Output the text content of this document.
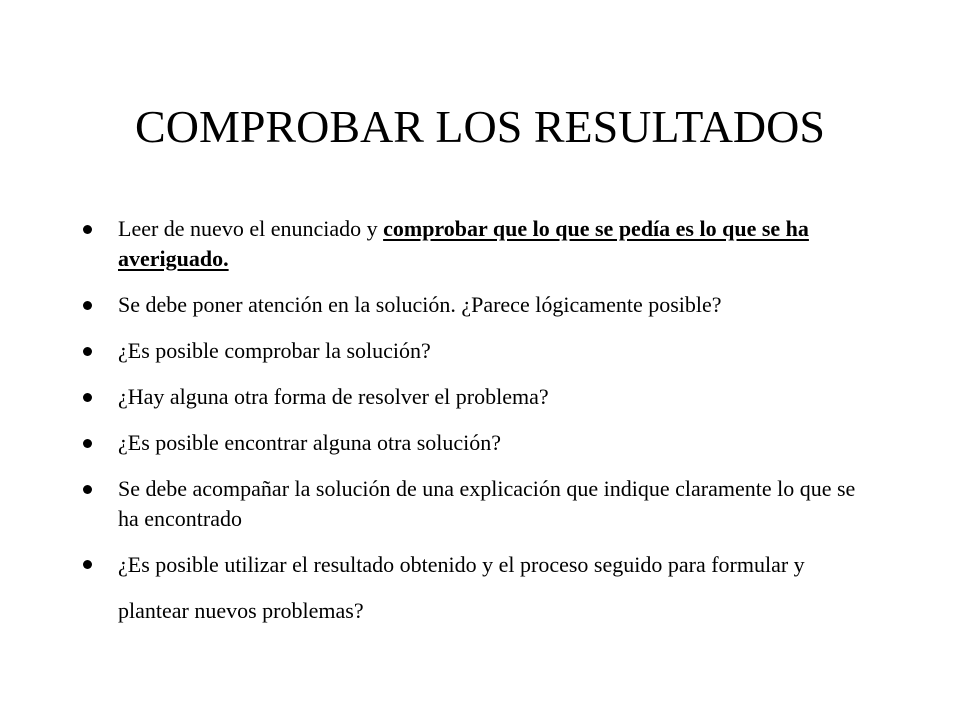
COMPROBAR LOS RESULTADOS
Leer de nuevo el enunciado y comprobar que lo que se pedía es lo que se ha averiguado.
Se debe poner atención en la solución. ¿Parece lógicamente posible?
¿Es posible comprobar la solución?
¿Hay alguna otra forma de resolver el problema?
¿Es posible encontrar alguna otra solución?
Se debe acompañar la solución de una explicación que indique claramente lo que se ha encontrado
¿Es posible utilizar el resultado obtenido y el proceso seguido para formular y plantear nuevos problemas?
